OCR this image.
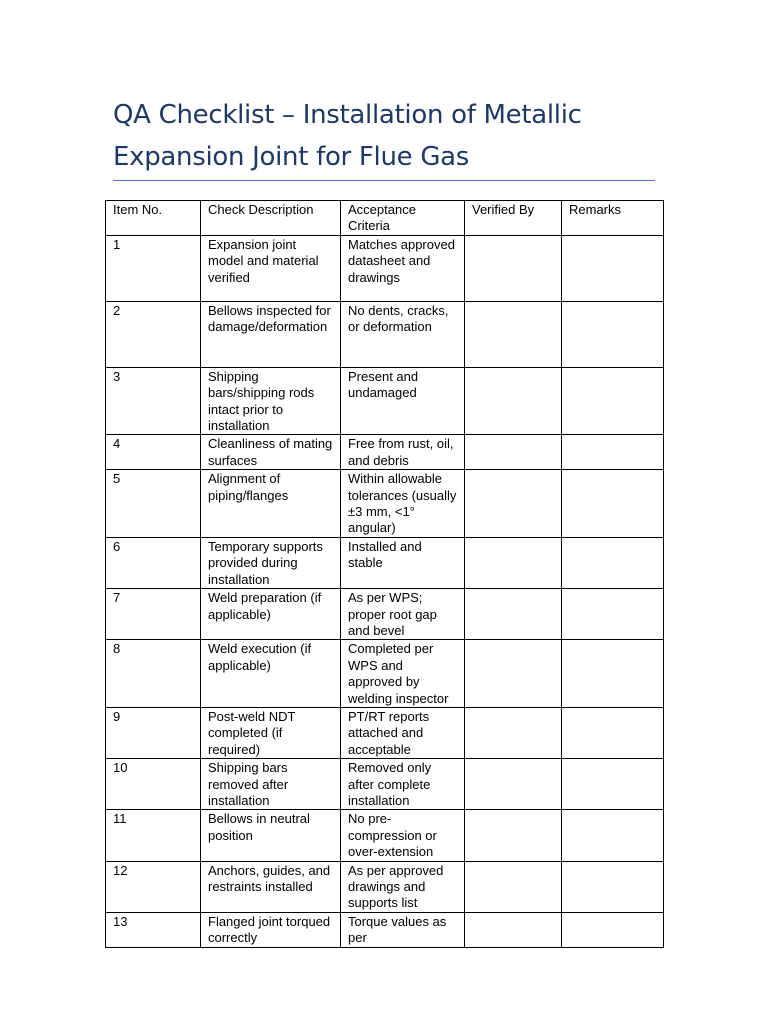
QA Checklist – Installation of Metallic Expansion Joint for Flue Gas
Item No.	Check Description	Acceptance Criteria	Verified By	Remarks
1	Expansion joint model and material verified	Matches approved datasheet and drawings		
2	Bellows inspected for damage/deformation	No dents, cracks, or deformation		
3	Shipping bars/shipping rods intact prior to installation	Present and undamaged		
4	Cleanliness of mating surfaces	Free from rust, oil, and debris		
5	Alignment of piping/flanges	Within allowable tolerances (usually ±3 mm, <1° angular)		
6	Temporary supports provided during installation	Installed and stable		
7	Weld preparation (if applicable)	As per WPS; proper root gap and bevel		
8	Weld execution (if applicable)	Completed per WPS and approved by welding inspector		
9	Post-weld NDT completed (if required)	PT/RT reports attached and acceptable		
10	Shipping bars removed after installation	Removed only after complete installation		
11	Bellows in neutral position	No pre-compression or over-extension		
12	Anchors, guides, and restraints installed	As per approved drawings and supports list		
13	Flanged joint torqued correctly	Torque values as per		
